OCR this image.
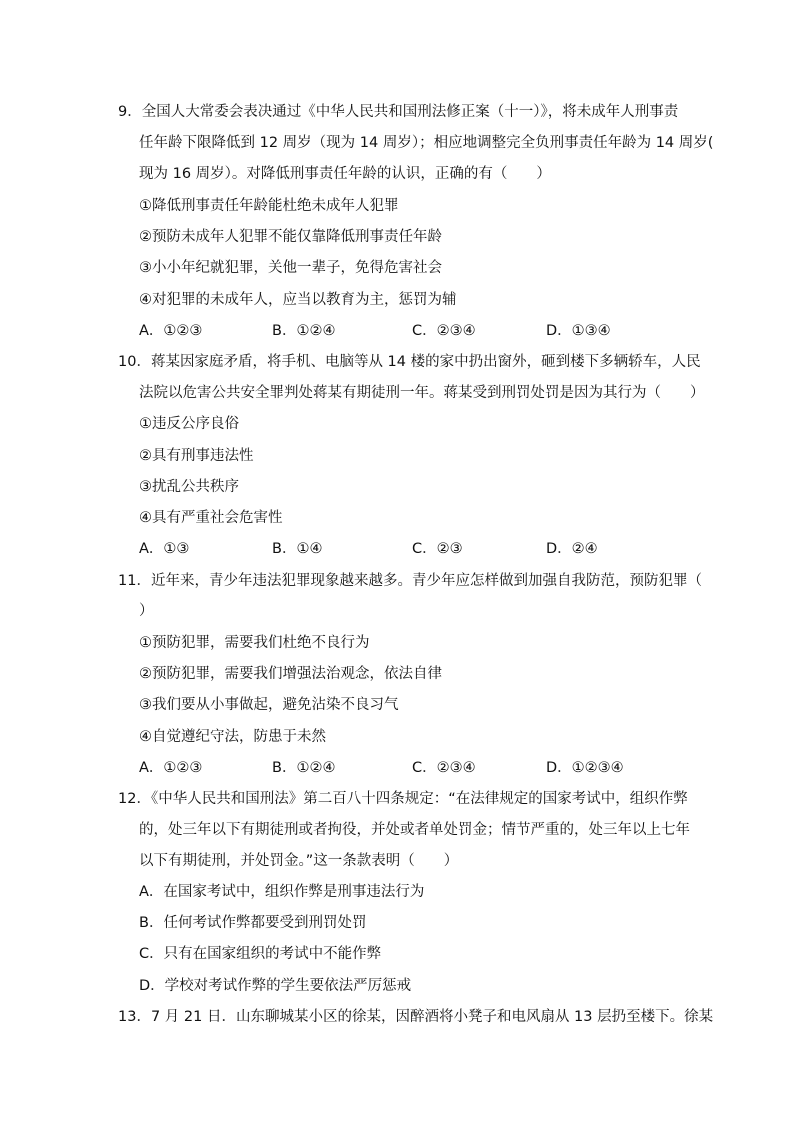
9．全国人大常委会表决通过《中华人民共和国刑法修正案（十一）》，将未成年人刑事责
任年龄下限降低到 12 周岁（现为 14 周岁）；相应地调整完全负刑事责任年龄为 14 周岁(
现为 16 周岁）。对降低刑事责任年龄的认识，正确的有（　　）
①降低刑事责任年龄能杜绝未成年人犯罪
②预防未成年人犯罪不能仅靠降低刑事责任年龄
③小小年纪就犯罪，关他一辈子，免得危害社会
④对犯罪的未成年人，应当以教育为主，惩罚为辅
A．①②③	B．①②④	C．②③④	D．①③④
10．蒋某因家庭矛盾，将手机、电脑等从 14 楼的家中扔出窗外，砸到楼下多辆轿车，人民
法院以危害公共安全罪判处蒋某有期徒刑一年。蒋某受到刑罚处罚是因为其行为（　　）
①违反公序良俗
②具有刑事违法性
③扰乱公共秩序
④具有严重社会危害性
A．①③	B．①④	C．②③	D．②④
11．近年来，青少年违法犯罪现象越来越多。青少年应怎样做到加强自我防范，预防犯罪（
）
①预防犯罪，需要我们杜绝不良行为
②预防犯罪，需要我们增强法治观念，依法自律
③我们要从小事做起，避免沾染不良习气
④自觉遵纪守法，防患于未然
A．①②③	B．①②④	C．②③④	D．①②③④
12．《中华人民共和国刑法》第二百八十四条规定：“在法律规定的国家考试中，组织作弊
的，处三年以下有期徒刑或者拘役，并处或者单处罚金；情节严重的，处三年以上七年
以下有期徒刑，并处罚金。”这一条款表明（　　）
A．在国家考试中，组织作弊是刑事违法行为
B．任何考试作弊都要受到刑罚处罚
C．只有在国家组织的考试中不能作弊
D．学校对考试作弊的学生要依法严厉惩戒
13．7 月 21 日．山东聊城某小区的徐某，因醉酒将小凳子和电风扇从 13 层扔至楼下。徐某
